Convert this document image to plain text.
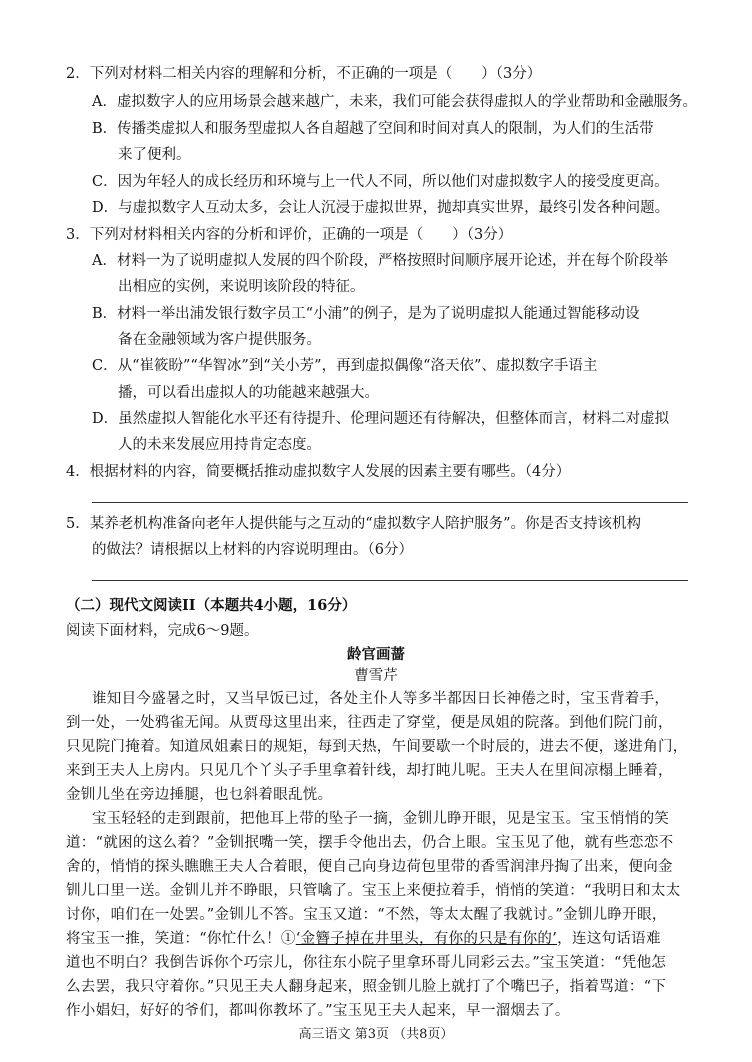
2．下列对材料二相关内容的理解和分析，不正确的一项是（　　）（3分）
A．虚拟数字人的应用场景会越来越广，未来，我们可能会获得虚拟人的学业帮助和金融服务。
B．传播类虚拟人和服务型虚拟人各自超越了空间和时间对真人的限制，为人们的生活带
来了便利。
C．因为年轻人的成长经历和环境与上一代人不同，所以他们对虚拟数字人的接受度更高。
D．与虚拟数字人互动太多，会让人沉浸于虚拟世界，抛却真实世界，最终引发各种问题。
3．下列对材料相关内容的分析和评价，正确的一项是（　　）（3分）
A．材料一为了说明虚拟人发展的四个阶段，严格按照时间顺序展开论述，并在每个阶段举
出相应的实例，来说明该阶段的特征。
B．材料一举出浦发银行数字员工“小浦”的例子，是为了说明虚拟人能通过智能移动设
备在金融领域为客户提供服务。
C．从“崔筱盼”“华智冰”到“关小芳”，再到虚拟偶像“洛天依”、虚拟数字手语主
播，可以看出虚拟人的功能越来越强大。
D．虽然虚拟人智能化水平还有待提升、伦理问题还有待解决，但整体而言，材料二对虚拟
人的未来发展应用持肯定态度。
4．根据材料的内容，简要概括推动虚拟数字人发展的因素主要有哪些。（4分）
5．某养老机构准备向老年人提供能与之互动的“虚拟数字人陪护服务”。你是否支持该机构
的做法？请根据以上材料的内容说明理由。（6分）
（二）现代文阅读II（本题共4小题，16分）
阅读下面材料，完成6～9题。
龄官画蔷
曹雪芹
谁知目今盛暑之时，又当早饭已过，各处主仆人等多半都因日长神倦之时，宝玉背着手，
到一处，一处鸦雀无闻。从贾母这里出来，往西走了穿堂，便是凤姐的院落。到他们院门前，
只见院门掩着。知道凤姐素日的规矩，每到天热，午间要歇一个时辰的，进去不便，遂进角门，
来到王夫人上房内。只见几个丫头子手里拿着针线，却打盹儿呢。王夫人在里间凉榻上睡着，
金钏儿坐在旁边捶腿，也乜斜着眼乱恍。
宝玉轻轻的走到跟前，把他耳上带的坠子一摘，金钏儿睁开眼，见是宝玉。宝玉悄悄的笑
道：“就困的这么着？”金钏抿嘴一笑，摆手令他出去，仍合上眼。宝玉见了他，就有些恋恋不
舍的，悄悄的探头瞧瞧王夫人合着眼，便自己向身边荷包里带的香雪润津丹掏了出来，便向金
钏儿口里一送。金钏儿并不睁眼，只管噙了。宝玉上来便拉着手，悄悄的笑道：“我明日和太太
讨你，咱们在一处罢。”金钏儿不答。宝玉又道：“不然，等太太醒了我就讨。”金钏儿睁开眼，
将宝玉一推，笑道：“你忙什么！①‘金簪子掉在井里头，有你的只是有你的’，连这句话语难
道也不明白？我倒告诉你个巧宗儿，你往东小院子里拿环哥儿同彩云去。”宝玉笑道：“凭他怎
么去罢，我只守着你。”只见王夫人翻身起来，照金钏儿脸上就打了个嘴巴子，指着骂道：“下
作小娼妇，好好的爷们，都叫你教坏了。”宝玉见王夫人起来，早一溜烟去了。
高三语文 第3页 （共8页）
